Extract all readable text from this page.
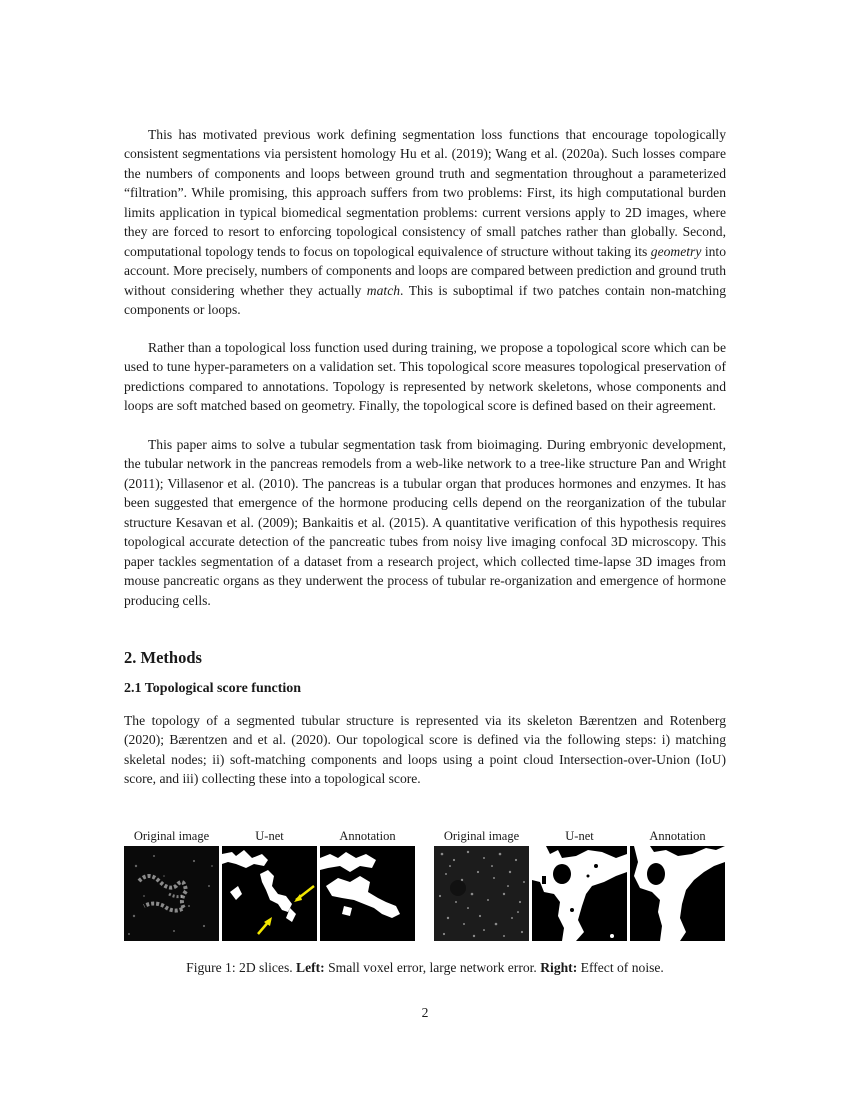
This has motivated previous work defining segmentation loss functions that encourage topologically consistent segmentations via persistent homology Hu et al. (2019); Wang et al. (2020a). Such losses compare the numbers of components and loops between ground truth and segmentation throughout a parameterized “filtration”. While promising, this approach suffers from two problems: First, its high computational burden limits application in typical biomedical segmentation problems: current versions apply to 2D images, where they are forced to resort to enforcing topological consistency of small patches rather than globally. Second, computational topology tends to focus on topological equivalence of structure without taking its geometry into account. More precisely, numbers of components and loops are compared between prediction and ground truth without considering whether they actually match. This is suboptimal if two patches contain non-matching components or loops.

Rather than a topological loss function used during training, we propose a topological score which can be used to tune hyper-parameters on a validation set. This topological score measures topological preservation of predictions compared to annotations. Topology is represented by network skeletons, whose components and loops are soft matched based on geometry. Finally, the topological score is defined based on their agreement.

This paper aims to solve a tubular segmentation task from bioimaging. During embryonic development, the tubular network in the pancreas remodels from a web-like network to a tree-like structure Pan and Wright (2011); Villasenor et al. (2010). The pancreas is a tubular organ that produces hormones and enzymes. It has been suggested that emergence of the hormone producing cells depend on the reorganization of the tubular structure Kesavan et al. (2009); Bankaitis et al. (2015). A quantitative verification of this hypothesis requires topological accurate detection of the pancreatic tubes from noisy live imaging confocal 3D microscopy. This paper tackles segmentation of a dataset from a research project, which collected time-lapse 3D images from mouse pancreatic organs as they underwent the process of tubular re-organization and emergence of hormone producing cells.

2. Methods
2.1 Topological score function

The topology of a segmented tubular structure is represented via its skeleton Bærentzen and Rotenberg (2020); Bærentzen and et al. (2020). Our topological score is defined via the following steps: i) matching skeletal nodes; ii) soft-matching components and loops using a point cloud Intersection-over-Union (IoU) score, and iii) collecting these into a topological score.

Original image	U-net	Annotation	Original image	U-net	Annotation
Figure 1: 2D slices. Left: Small voxel error, large network error. Right: Effect of noise.
2
